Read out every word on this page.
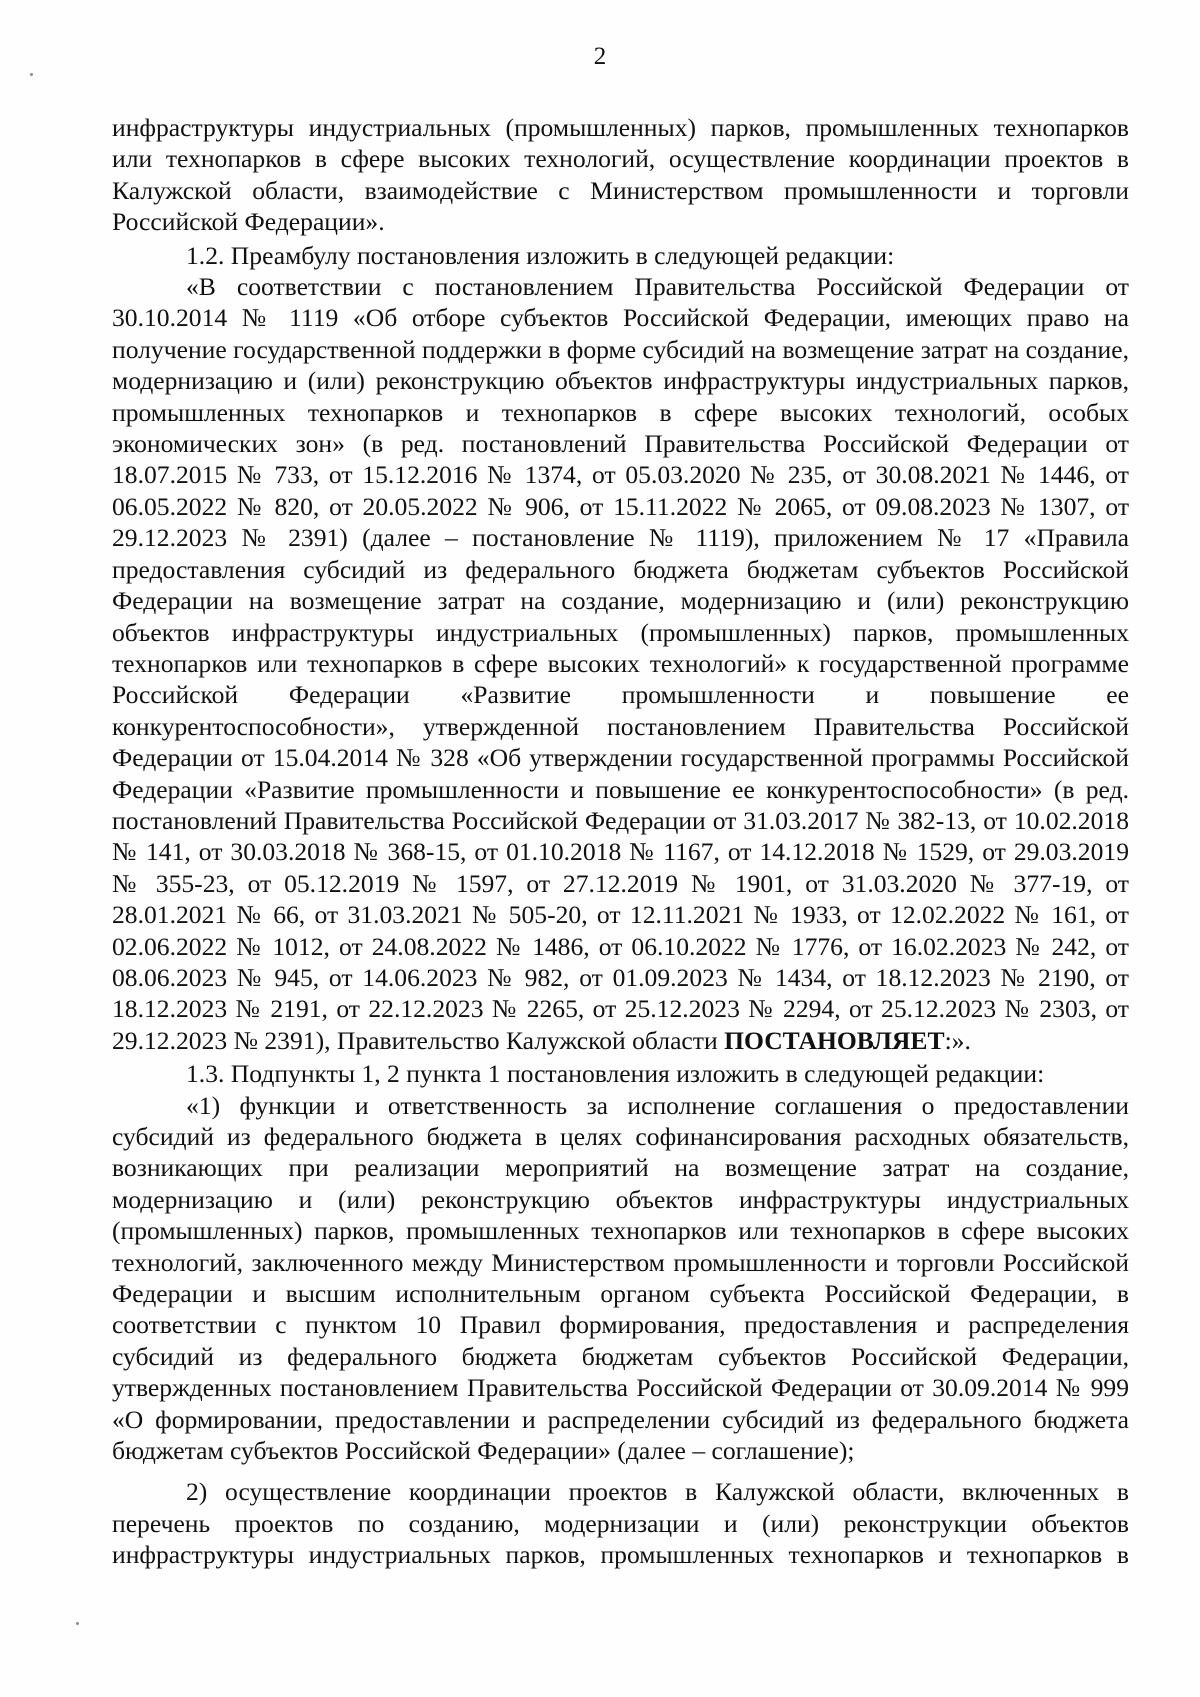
2

инфраструктуры индустриальных (промышленных) парков, промышленных технопарков или технопарков в сфере высоких технологий, осуществление координации проектов в Калужской области, взаимодействие с Министерством промышленности и торговли Российской Федерации».

1.2. Преамбулу постановления изложить в следующей редакции:

«В соответствии с постановлением Правительства Российской Федерации от 30.10.2014 № 1119 «Об отборе субъектов Российской Федерации, имеющих право на получение государственной поддержки в форме субсидий на возмещение затрат на создание, модернизацию и (или) реконструкцию объектов инфраструктуры индустриальных парков, промышленных технопарков и технопарков в сфере высоких технологий, особых экономических зон» (в ред. постановлений Правительства Российской Федерации от 18.07.2015 № 733, от 15.12.2016 № 1374, от 05.03.2020 № 235, от 30.08.2021 № 1446, от 06.05.2022 № 820, от 20.05.2022 № 906, от 15.11.2022 № 2065, от 09.08.2023 № 1307, от 29.12.2023 № 2391) (далее – постановление № 1119), приложением № 17 «Правила предоставления субсидий из федерального бюджета бюджетам субъектов Российской Федерации на возмещение затрат на создание, модернизацию и (или) реконструкцию объектов инфраструктуры индустриальных (промышленных) парков, промышленных технопарков или технопарков в сфере высоких технологий» к государственной программе Российской Федерации «Развитие промышленности и повышение ее конкурентоспособности», утвержденной постановлением Правительства Российской Федерации от 15.04.2014 № 328 «Об утверждении государственной программы Российской Федерации «Развитие промышленности и повышение ее конкурентоспособности» (в ред. постановлений Правительства Российской Федерации от 31.03.2017 № 382-13, от 10.02.2018 № 141, от 30.03.2018 № 368-15, от 01.10.2018 № 1167, от 14.12.2018 № 1529, от 29.03.2019 № 355-23, от 05.12.2019 № 1597, от 27.12.2019 № 1901, от 31.03.2020 № 377-19, от 28.01.2021 № 66, от 31.03.2021 № 505-20, от 12.11.2021 № 1933, от 12.02.2022 № 161, от 02.06.2022 № 1012, от 24.08.2022 № 1486, от 06.10.2022 № 1776, от 16.02.2023 № 242, от 08.06.2023 № 945, от 14.06.2023 № 982, от 01.09.2023 № 1434, от 18.12.2023 № 2190, от 18.12.2023 № 2191, от 22.12.2023 № 2265, от 25.12.2023 № 2294, от 25.12.2023 № 2303, от 29.12.2023 № 2391), Правительство Калужской области ПОСТАНОВЛЯЕТ:».

1.3. Подпункты 1, 2 пункта 1 постановления изложить в следующей редакции:

«1) функции и ответственность за исполнение соглашения о предоставлении субсидий из федерального бюджета в целях софинансирования расходных обязательств, возникающих при реализации мероприятий на возмещение затрат на создание, модернизацию и (или) реконструкцию объектов инфраструктуры индустриальных (промышленных) парков, промышленных технопарков или технопарков в сфере высоких технологий, заключенного между Министерством промышленности и торговли Российской Федерации и высшим исполнительным органом субъекта Российской Федерации, в соответствии с пунктом 10 Правил формирования, предоставления и распределения субсидий из федерального бюджета бюджетам субъектов Российской Федерации, утвержденных постановлением Правительства Российской Федерации от 30.09.2014 № 999 «О формировании, предоставлении и распределении субсидий из федерального бюджета бюджетам субъектов Российской Федерации» (далее – соглашение);

2) осуществление координации проектов в Калужской области, включенных в перечень проектов по созданию, модернизации и (или) реконструкции объектов инфраструктуры индустриальных парков, промышленных технопарков и технопарков в
